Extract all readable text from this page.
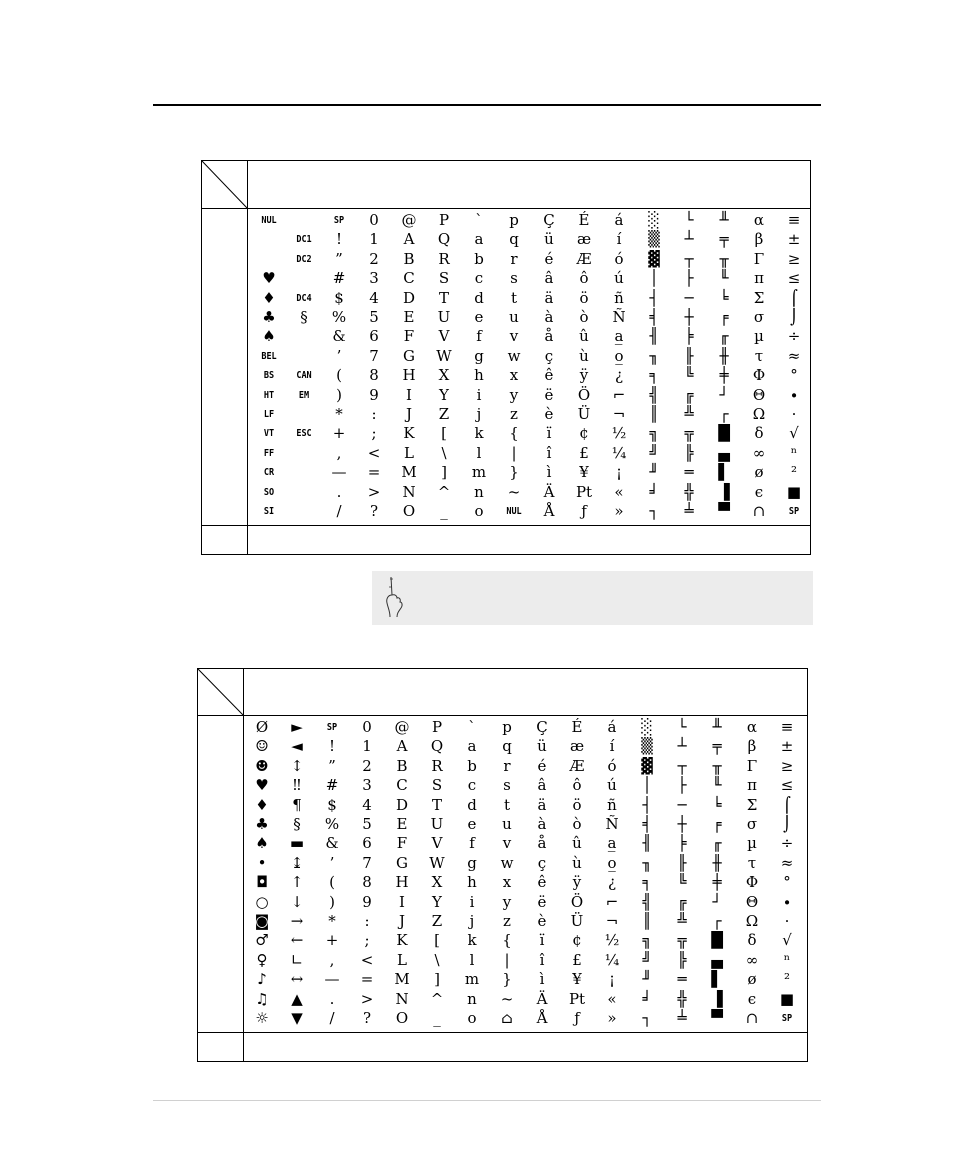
NUL
♥
♦
♣
♠
BEL
BS
HT
LF
VT
FF
CR
SO
SI
DC1
DC2
DC4
§
CAN
EM
ESC
SP
!
”
#
$
%
&
’
(
)
*
+
,
—
.
/
0
1
2
3
4
5
6
7
8
9
:
;
<
=
>
?
@
A
B
C
D
E
F
G
H
I
J
K
L
M
N
O
P
Q
R
S
T
U
V
W
X
Y
Z
[
\
]
^
_
`
a
b
c
d
e
f
g
h
i
j
k
l
m
n
o
p
q
r
s
t
u
v
w
x
y
z
{
|
}
~
NUL
Ç
ü
é
â
ä
à
å
ç
ê
ë
è
ï
î
ì
Ä
Å
É
æ
Æ
ô
ö
ò
û
ù
ÿ
Ö
Ü
¢
£
¥
Pt
ƒ
á
í
ó
ú
ñ
Ñ
a̲
o̲
¿
⌐
¬
½
¼
¡
«
»
░
▒
▓
│
┤
╡
╢
╖
╕
╣
║
╗
╝
╜
╛
┐
└
┴
┬
├
─
┼
╞
╟
╚
╔
╩
╦
╠
═
╬
╧
╨
╤
╥
╙
╘
╒
╓
╫
╪
┘
┌
█
▄
▌
▐
▀
α
β
Γ
π
Σ
σ
µ
τ
Φ
Θ
Ω
δ
∞
ø
є
∩
≡
±
≥
≤
⌠
⌡
÷
≈
°
∙
·
√
ⁿ
²
■
SP
Ø
☺
☻
♥
♦
♣
♠
•
◘
○
◙
♂
♀
♪
♫
☼
►
◄
↕
‼
¶
§
▬
↨
↑
↓
→
←
∟
↔
▲
▼
SP
!
”
#
$
%
&
’
(
)
*
+
,
—
.
/
0
1
2
3
4
5
6
7
8
9
:
;
<
=
>
?
@
A
B
C
D
E
F
G
H
I
J
K
L
M
N
O
P
Q
R
S
T
U
V
W
X
Y
Z
[
\
]
^
_
`
a
b
c
d
e
f
g
h
i
j
k
l
m
n
o
p
q
r
s
t
u
v
w
x
y
z
{
|
}
~
⌂
Ç
ü
é
â
ä
à
å
ç
ê
ë
è
ï
î
ì
Ä
Å
É
æ
Æ
ô
ö
ò
û
ù
ÿ
Ö
Ü
¢
£
¥
Pt
ƒ
á
í
ó
ú
ñ
Ñ
a̲
o̲
¿
⌐
¬
½
¼
¡
«
»
░
▒
▓
│
┤
╡
╢
╖
╕
╣
║
╗
╝
╜
╛
┐
└
┴
┬
├
─
┼
╞
╟
╚
╔
╩
╦
╠
═
╬
╧
╨
╤
╥
╙
╘
╒
╓
╫
╪
┘
┌
█
▄
▌
▐
▀
α
β
Γ
π
Σ
σ
µ
τ
Φ
Θ
Ω
δ
∞
ø
є
∩
≡
±
≥
≤
⌠
⌡
÷
≈
°
∙
·
√
ⁿ
²
■
SP
